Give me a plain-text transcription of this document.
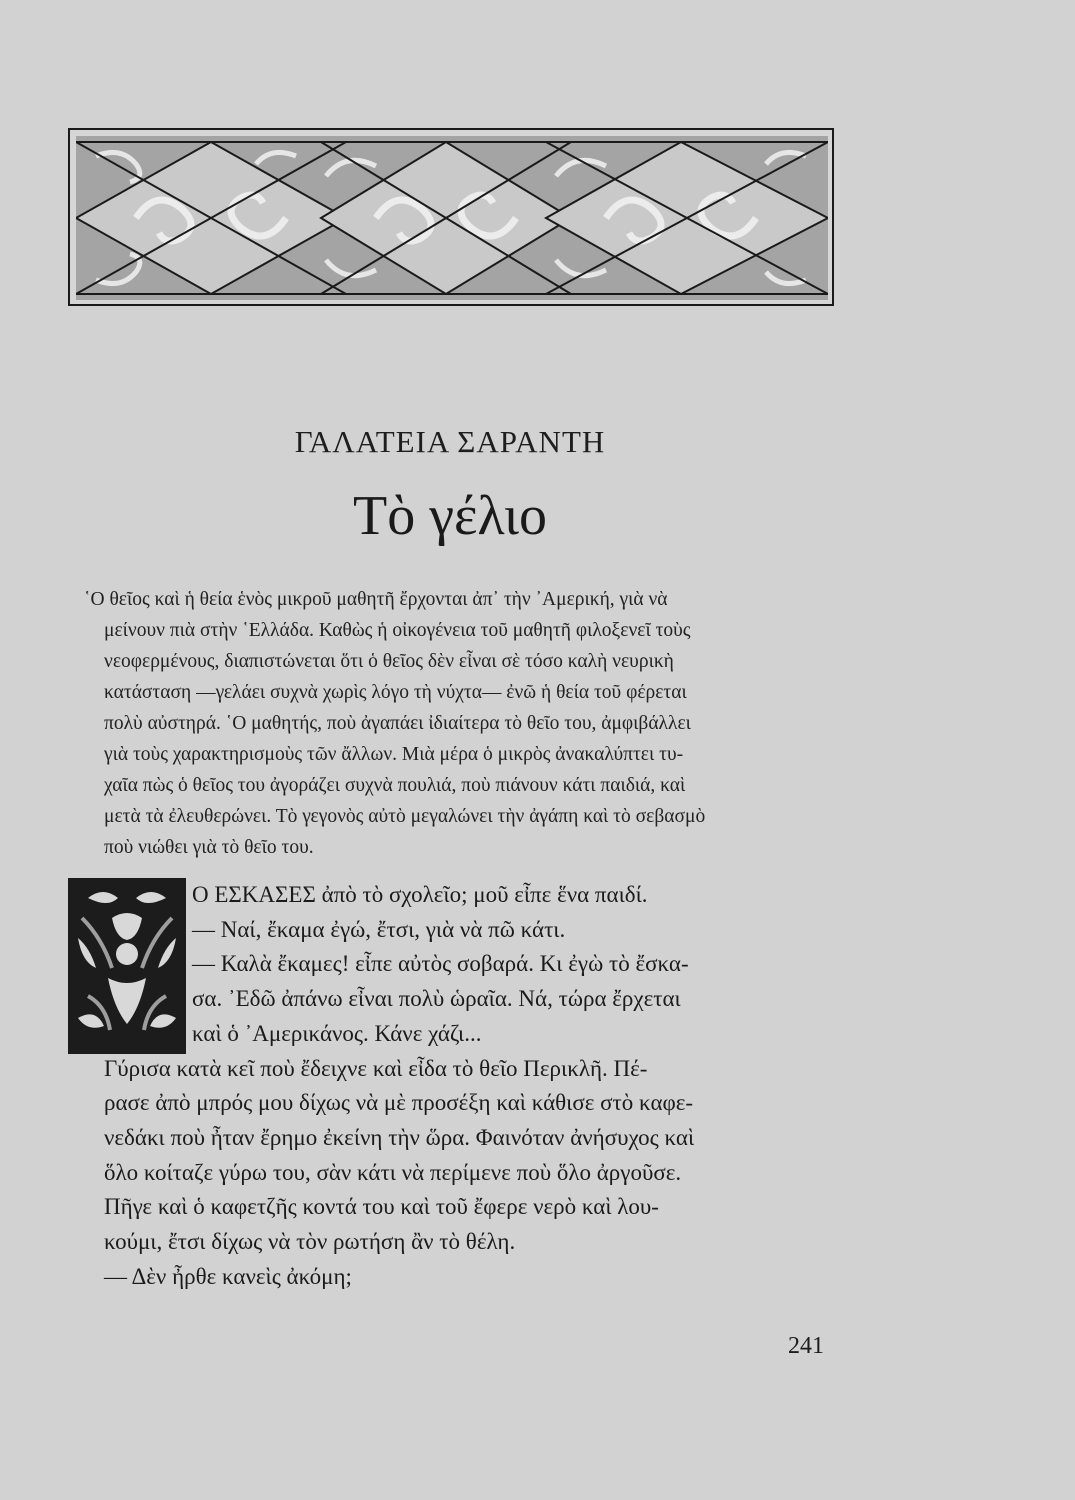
ΓΑΛΑΤΕΙΑ ΣΑΡΑΝΤΗ
Τὸ γέλιο
῾Ο θεῖος καὶ ἡ θεία ἑνὸς μικροῦ μαθητῆ ἔρχονται ἀπ᾿ τὴν ᾿Αμερική, γιὰ νὰ
μείνουν πιὰ στὴν ῾Ελλάδα. Καθὼς ἡ οἰκογένεια τοῦ μαθητῆ φιλοξενεῖ τοὺς
νεοφερμένους, διαπιστώνεται ὅτι ὁ θεῖος δὲν εἶναι σὲ τόσο καλὴ νευρικὴ
κατάσταση —γελάει συχνὰ χωρὶς λόγο τὴ νύχτα— ἐνῶ ἡ θεία τοῦ φέρεται
πολὺ αὐστηρά. ῾Ο μαθητής, ποὺ ἀγαπάει ἰδιαίτερα τὸ θεῖο του, ἀμφιβάλλει
γιὰ τοὺς χαρακτηρισμοὺς τῶν ἄλλων. Μιὰ μέρα ὁ μικρὸς ἀνακαλύπτει τυ-
χαῖα πὼς ὁ θεῖος του ἀγοράζει συχνὰ πουλιά, ποὺ πιάνουν κάτι παιδιά, καὶ
μετὰ τὰ ἐλευθερώνει. Τὸ γεγονὸς αὐτὸ μεγαλώνει τὴν ἀγάπη καὶ τὸ σεβασμὸ
ποὺ νιώθει γιὰ τὸ θεῖο του.
Ο ΕΣΚΑΣΕΣ ἀπὸ τὸ σχολεῖο; μοῦ εἶπε ἕνα παιδί.
— Ναί, ἔκαμα ἐγώ, ἔτσι, γιὰ νὰ πῶ κάτι.
— Καλὰ ἔκαμες! εἶπε αὐτὸς σοβαρά. Κι ἐγὼ τὸ ἔσκα-
σα. ᾿Εδῶ ἀπάνω εἶναι πολὺ ὡραῖα. Νά, τώρα ἔρχεται
καὶ ὁ ᾿Αμερικάνος. Κάνε χάζι...
Γύρισα κατὰ κεῖ ποὺ ἔδειχνε καὶ εἶδα τὸ θεῖο Περικλῆ. Πέ-
ρασε ἀπὸ μπρός μου δίχως νὰ μὲ προσέξη καὶ κάθισε στὸ καφε-
νεδάκι ποὺ ἦταν ἔρημο ἐκείνη τὴν ὥρα. Φαινόταν ἀνήσυχος καὶ
ὅλο κοίταζε γύρω του, σὰν κάτι νὰ περίμενε ποὺ ὅλο ἀργοῦσε.
Πῆγε καὶ ὁ καφετζῆς κοντά του καὶ τοῦ ἔφερε νερὸ καὶ λου-
κούμι, ἔτσι δίχως νὰ τὸν ρωτήση ἂν τὸ θέλη.
— Δὲν ἦρθε κανεὶς ἀκόμη;
241
